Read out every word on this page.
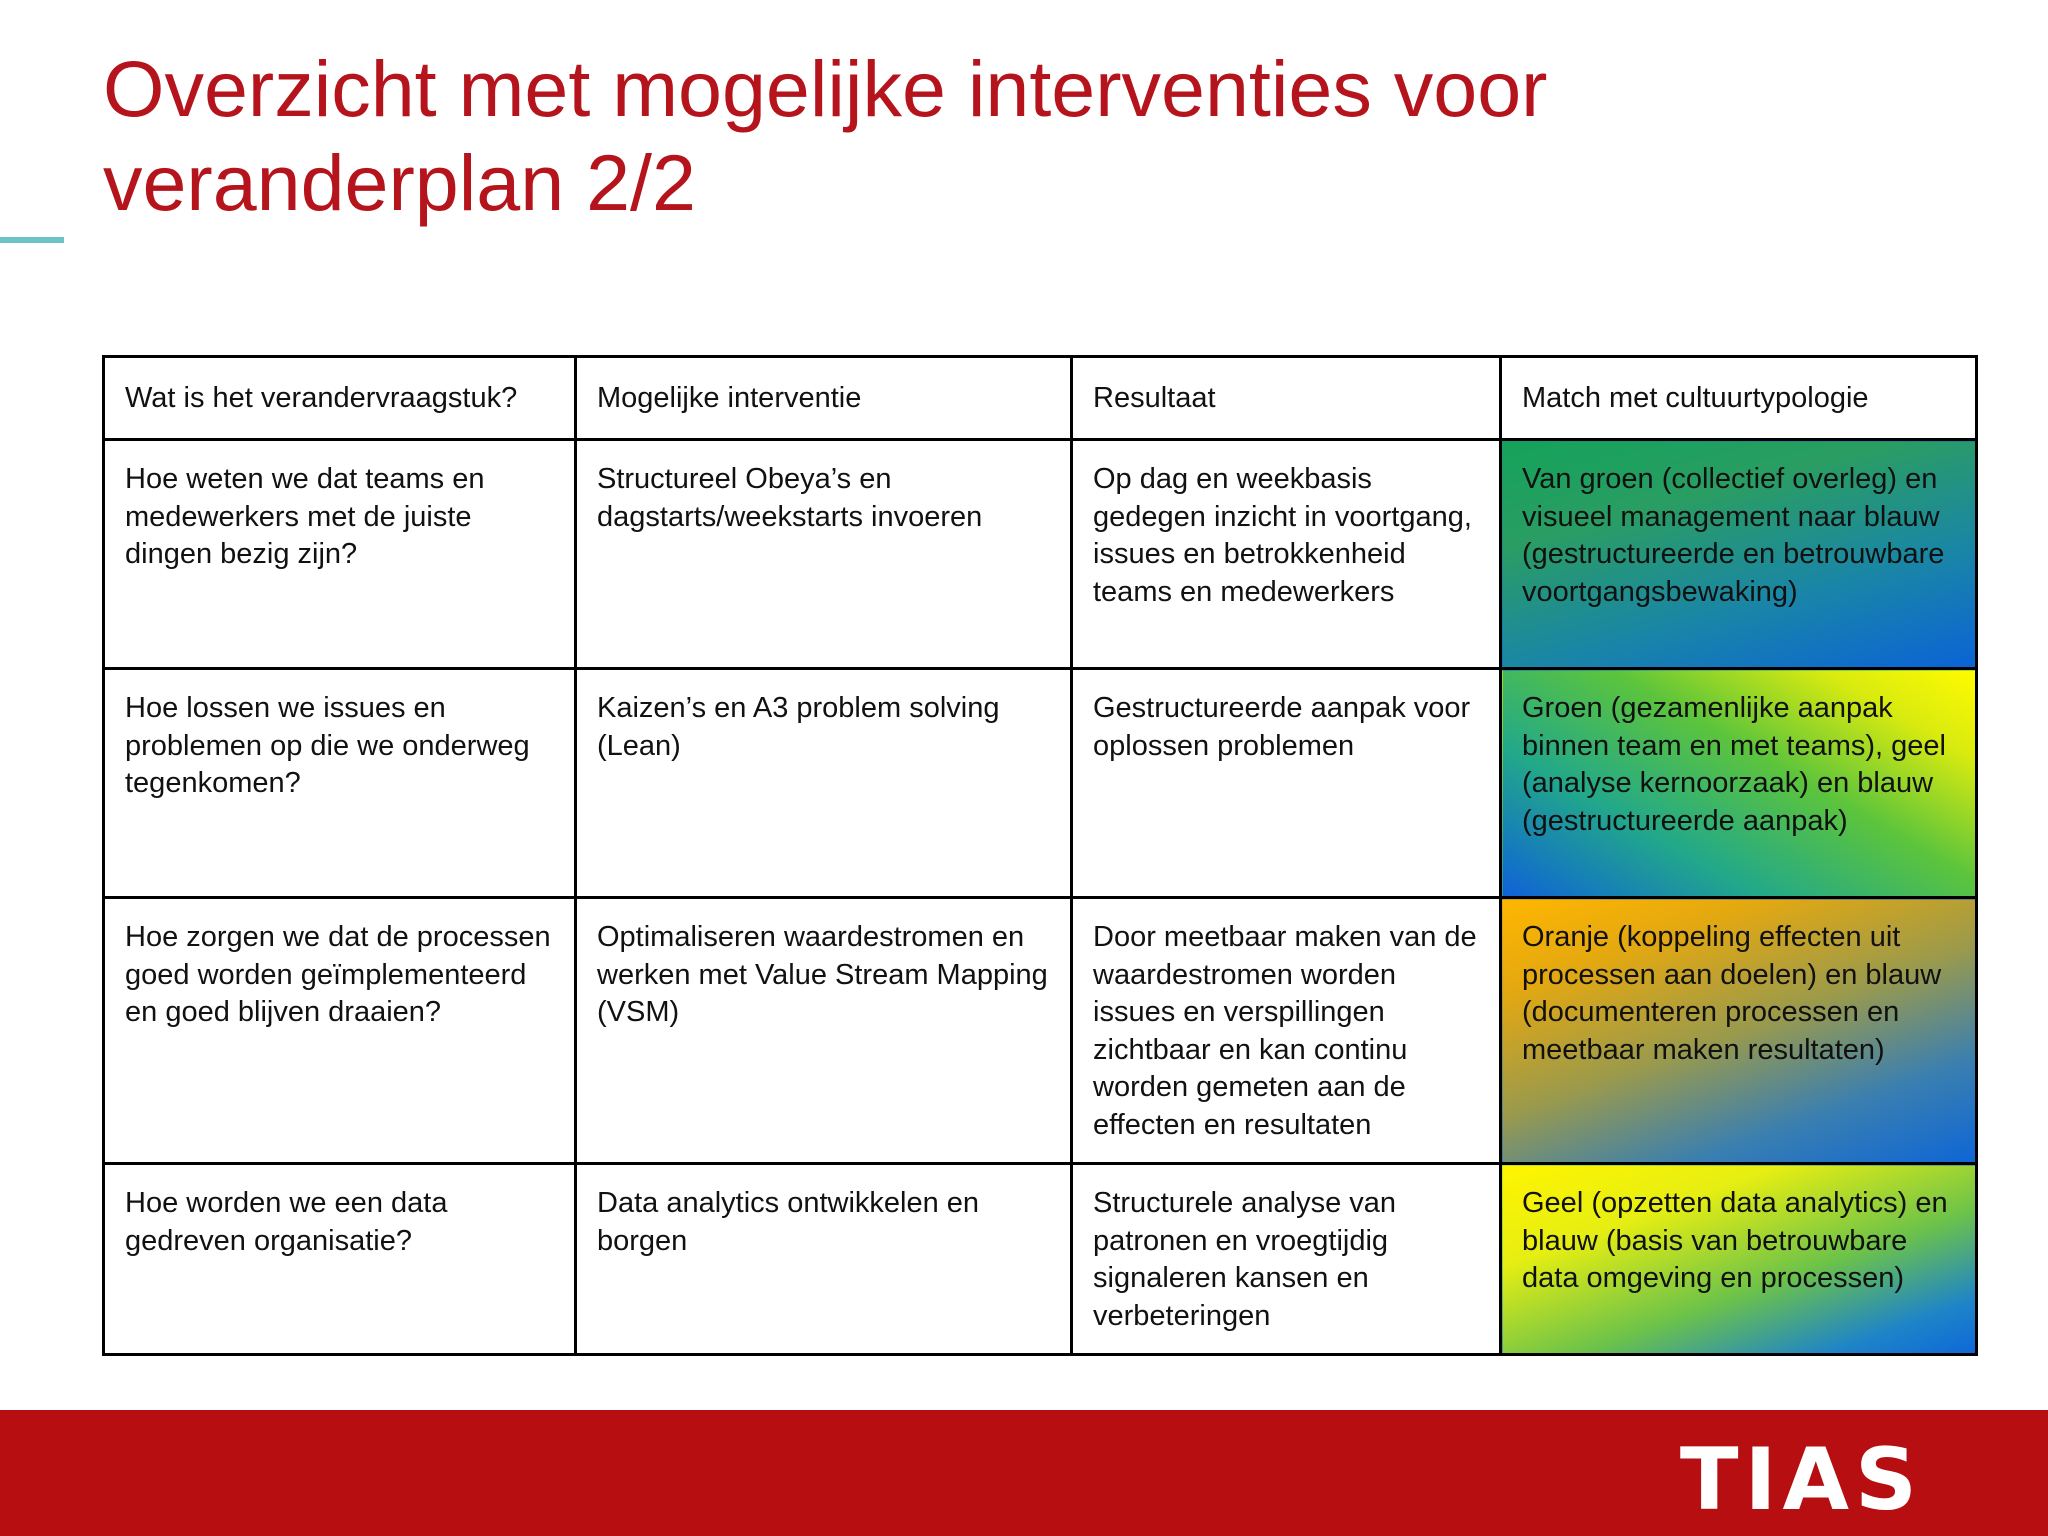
Overzicht met mogelijke interventies voor
veranderplan 2/2
Wat is het verandervraagstuk?	Mogelijke interventie	Resultaat	Match met cultuurtypologie
Hoe weten we dat teams en medewerkers met de juiste dingen bezig zijn?	Structureel Obeya’s en dagstarts/weekstarts invoeren	Op dag en weekbasis gedegen inzicht in voortgang, issues en betrokkenheid teams en medewerkers	Van groen (collectief overleg) en visueel management naar blauw (gestructureerde en betrouwbare voortgangsbewaking)
Hoe lossen we issues en problemen op die we onderweg tegenkomen?	Kaizen’s en A3 problem solving (Lean)	Gestructureerde aanpak voor oplossen problemen	Groen (gezamenlijke aanpak binnen team en met teams), geel (analyse kernoorzaak) en blauw (gestructureerde aanpak)
Hoe zorgen we dat de processen goed worden geïmplementeerd en goed blijven draaien?	Optimaliseren waardestromen en werken met Value Stream Mapping (VSM)	Door meetbaar maken van de waardestromen worden issues en verspillingen zichtbaar en kan continu worden gemeten aan de effecten en resultaten	Oranje (koppeling effecten uit processen aan doelen) en blauw (documenteren processen en meetbaar maken resultaten)
Hoe worden we een data gedreven organisatie?	Data analytics ontwikkelen en borgen	Structurele analyse van patronen en vroegtijdig signaleren kansen en verbeteringen	Geel (opzetten data analytics) en blauw (basis van betrouwbare data omgeving en processen)
TIAS
